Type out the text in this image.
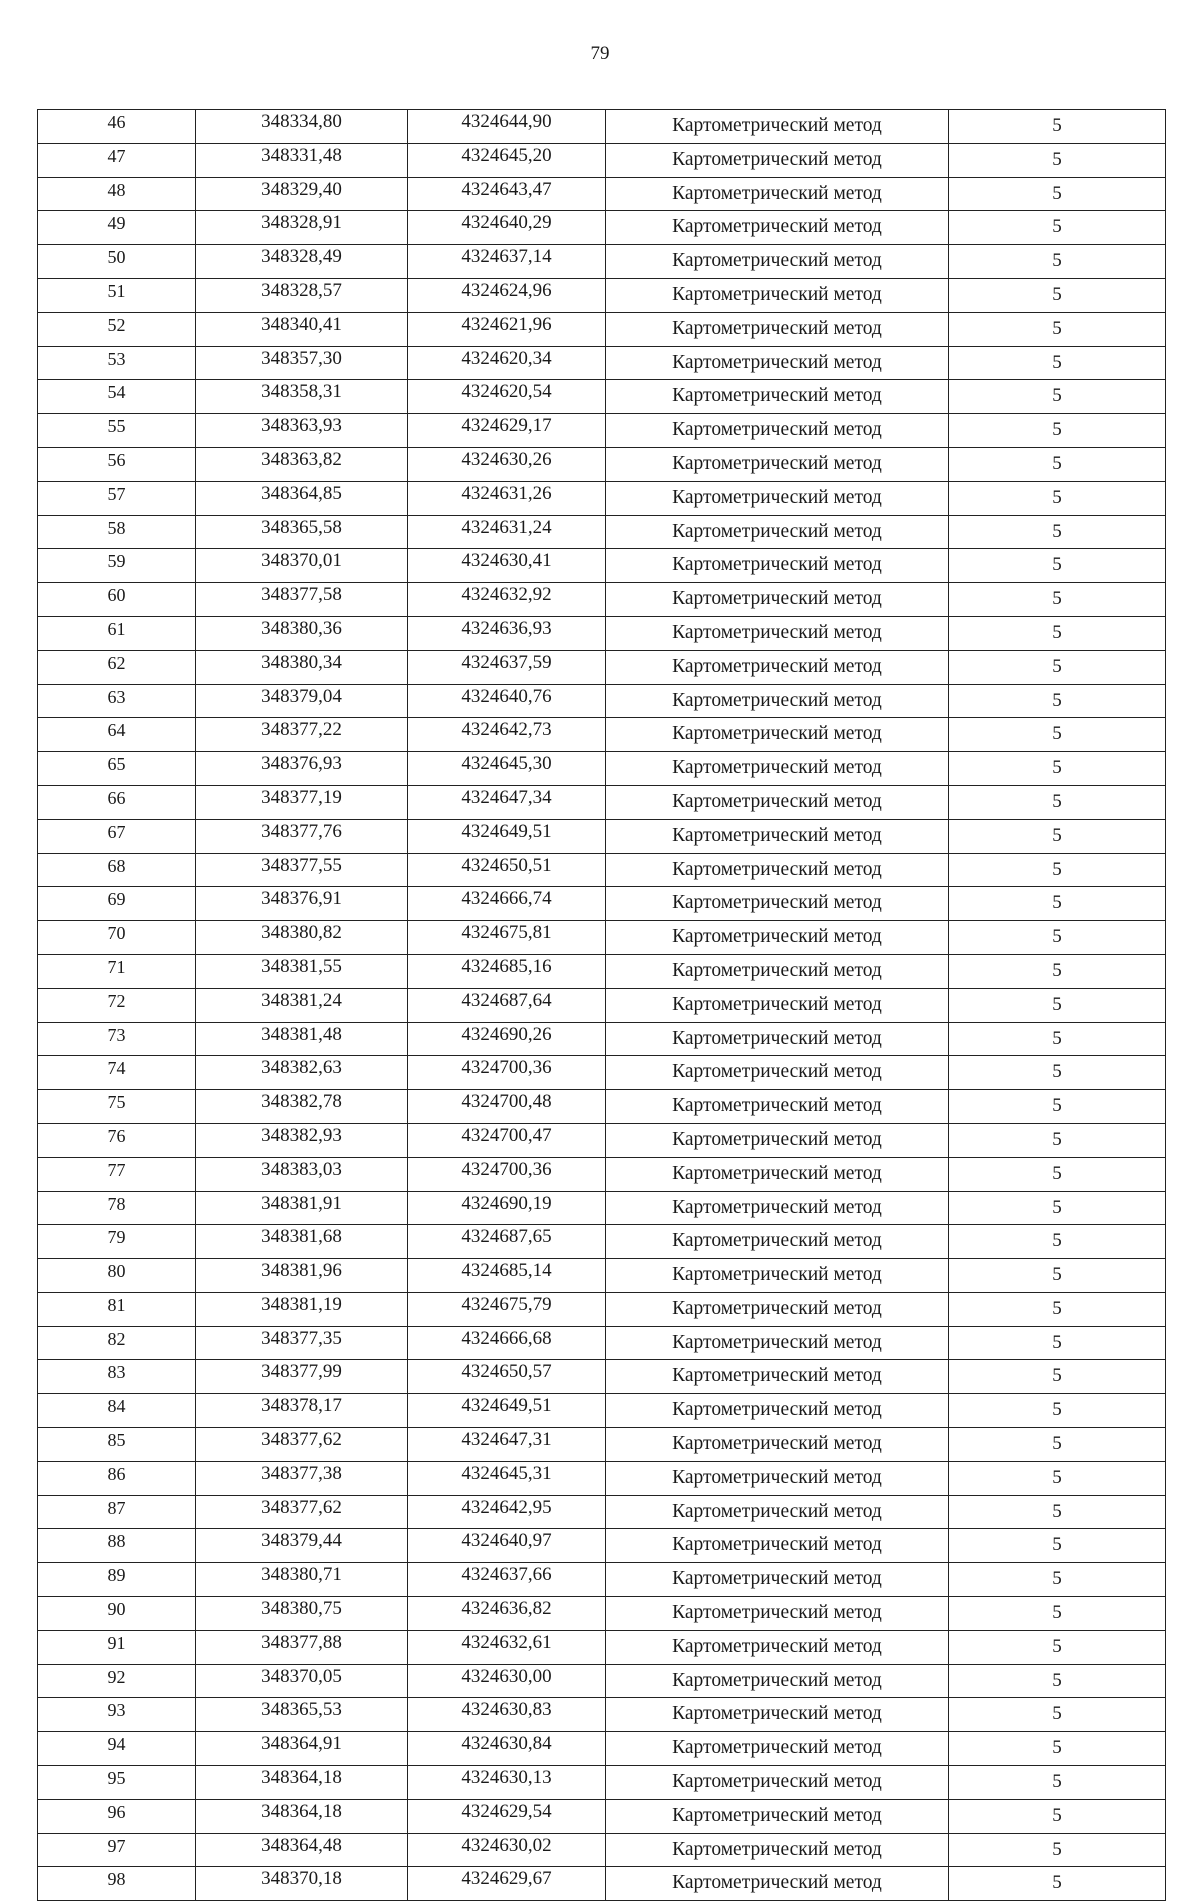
79
46	348334,80	4324644,90	Картометрический метод	5
47	348331,48	4324645,20	Картометрический метод	5
48	348329,40	4324643,47	Картометрический метод	5
49	348328,91	4324640,29	Картометрический метод	5
50	348328,49	4324637,14	Картометрический метод	5
51	348328,57	4324624,96	Картометрический метод	5
52	348340,41	4324621,96	Картометрический метод	5
53	348357,30	4324620,34	Картометрический метод	5
54	348358,31	4324620,54	Картометрический метод	5
55	348363,93	4324629,17	Картометрический метод	5
56	348363,82	4324630,26	Картометрический метод	5
57	348364,85	4324631,26	Картометрический метод	5
58	348365,58	4324631,24	Картометрический метод	5
59	348370,01	4324630,41	Картометрический метод	5
60	348377,58	4324632,92	Картометрический метод	5
61	348380,36	4324636,93	Картометрический метод	5
62	348380,34	4324637,59	Картометрический метод	5
63	348379,04	4324640,76	Картометрический метод	5
64	348377,22	4324642,73	Картометрический метод	5
65	348376,93	4324645,30	Картометрический метод	5
66	348377,19	4324647,34	Картометрический метод	5
67	348377,76	4324649,51	Картометрический метод	5
68	348377,55	4324650,51	Картометрический метод	5
69	348376,91	4324666,74	Картометрический метод	5
70	348380,82	4324675,81	Картометрический метод	5
71	348381,55	4324685,16	Картометрический метод	5
72	348381,24	4324687,64	Картометрический метод	5
73	348381,48	4324690,26	Картометрический метод	5
74	348382,63	4324700,36	Картометрический метод	5
75	348382,78	4324700,48	Картометрический метод	5
76	348382,93	4324700,47	Картометрический метод	5
77	348383,03	4324700,36	Картометрический метод	5
78	348381,91	4324690,19	Картометрический метод	5
79	348381,68	4324687,65	Картометрический метод	5
80	348381,96	4324685,14	Картометрический метод	5
81	348381,19	4324675,79	Картометрический метод	5
82	348377,35	4324666,68	Картометрический метод	5
83	348377,99	4324650,57	Картометрический метод	5
84	348378,17	4324649,51	Картометрический метод	5
85	348377,62	4324647,31	Картометрический метод	5
86	348377,38	4324645,31	Картометрический метод	5
87	348377,62	4324642,95	Картометрический метод	5
88	348379,44	4324640,97	Картометрический метод	5
89	348380,71	4324637,66	Картометрический метод	5
90	348380,75	4324636,82	Картометрический метод	5
91	348377,88	4324632,61	Картометрический метод	5
92	348370,05	4324630,00	Картометрический метод	5
93	348365,53	4324630,83	Картометрический метод	5
94	348364,91	4324630,84	Картометрический метод	5
95	348364,18	4324630,13	Картометрический метод	5
96	348364,18	4324629,54	Картометрический метод	5
97	348364,48	4324630,02	Картометрический метод	5
98	348370,18	4324629,67	Картометрический метод	5
